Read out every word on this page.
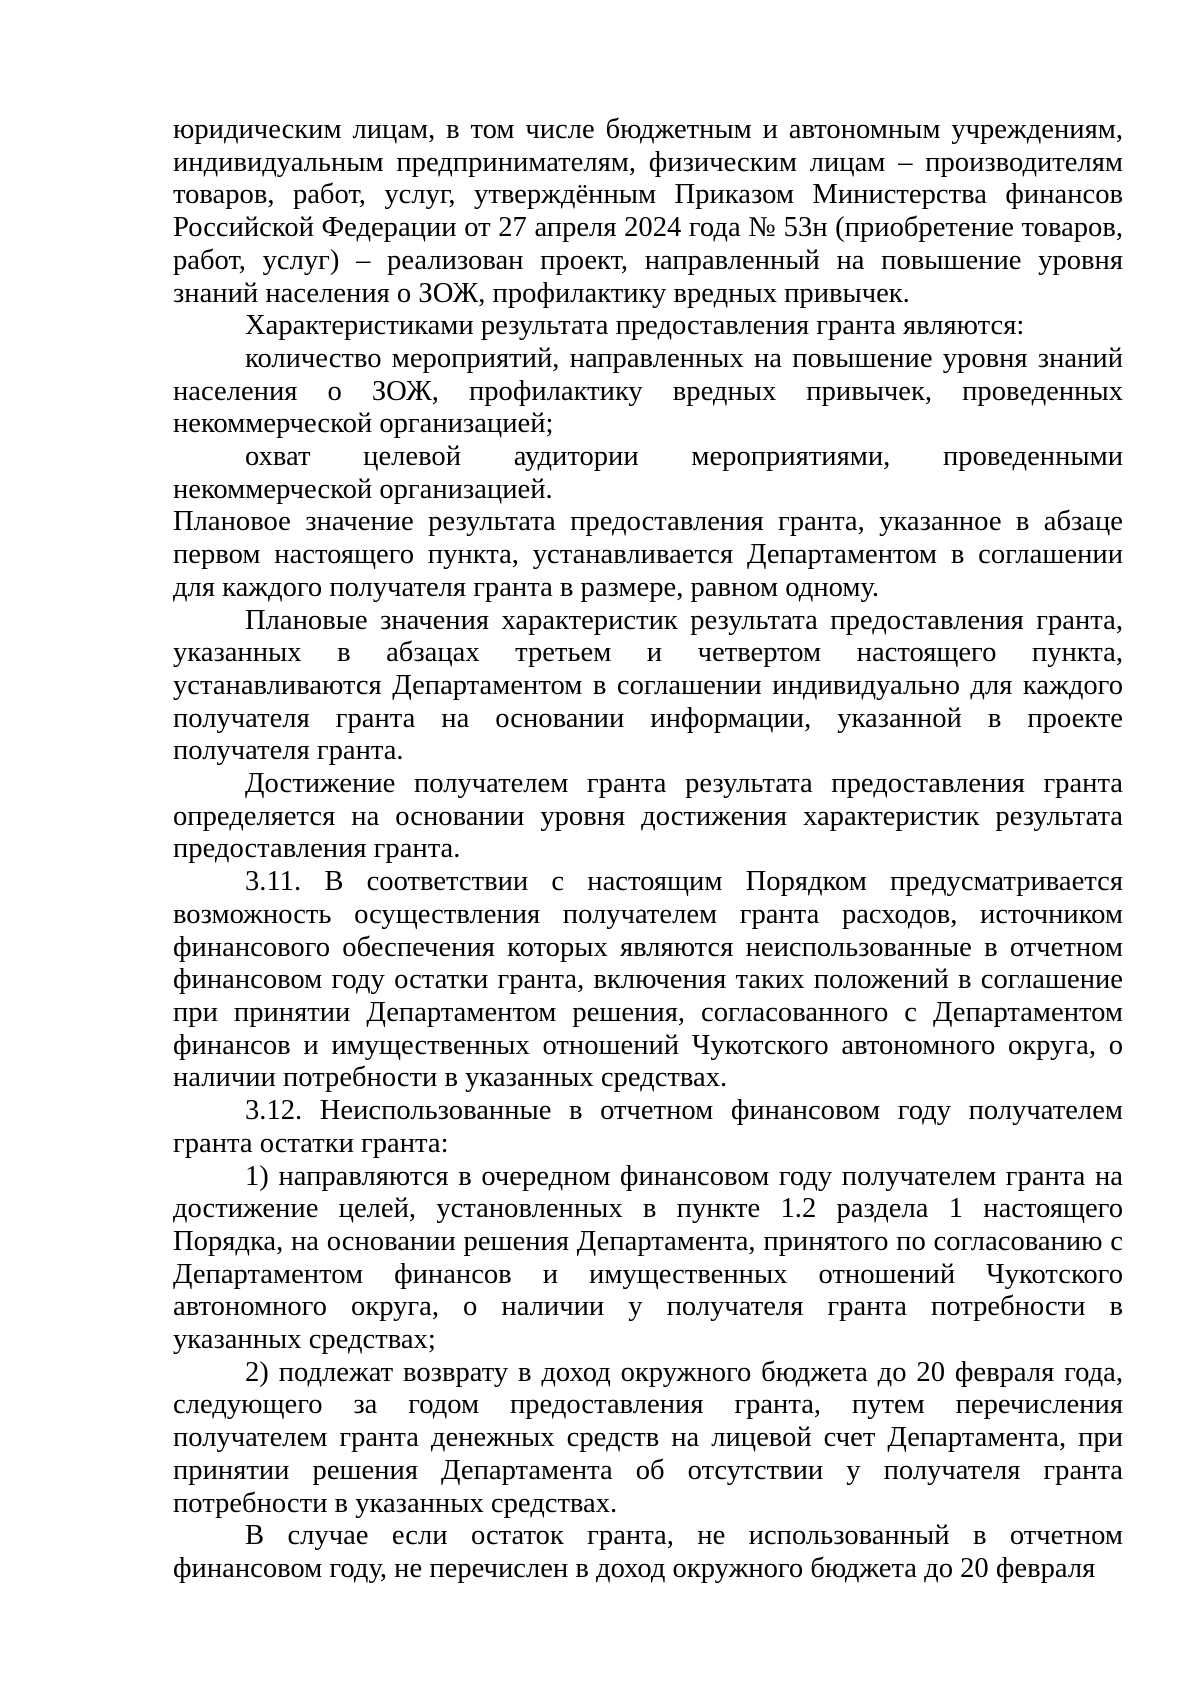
юридическим лицам, в том числе бюджетным и автономным учреждениям, индивидуальным предпринимателям, физическим лицам – производителям товаров, работ, услуг, утверждённым Приказом Министерства финансов Российской Федерации от 27 апреля 2024 года № 53н (приобретение товаров, работ, услуг) – реализован проект, направленный на повышение уровня знаний населения о ЗОЖ, профилактику вредных привычек.

Характеристиками результата предоставления гранта являются:

количество мероприятий, направленных на повышение уровня знаний населения о ЗОЖ, профилактику вредных привычек, проведенных некоммерческой организацией;

охват целевой аудитории мероприятиями, проведенными некоммерческой организацией.

Плановое значение результата предоставления гранта, указанное в абзаце первом настоящего пункта, устанавливается Департаментом в соглашении для каждого получателя гранта в размере, равном одному.

Плановые значения характеристик результата предоставления гранта, указанных в абзацах третьем и четвертом настоящего пункта, устанавливаются Департаментом в соглашении индивидуально для каждого получателя гранта на основании информации, указанной в проекте получателя гранта.

Достижение получателем гранта результата предоставления гранта определяется на основании уровня достижения характеристик результата предоставления гранта.

3.11. В соответствии с настоящим Порядком предусматривается возможность осуществления получателем гранта расходов, источником финансового обеспечения которых являются неиспользованные в отчетном финансовом году остатки гранта, включения таких положений в соглашение при принятии Департаментом решения, согласованного с Департаментом финансов и имущественных отношений Чукотского автономного округа, о наличии потребности в указанных средствах.

3.12. Неиспользованные в отчетном финансовом году получателем гранта остатки гранта:

1) направляются в очередном финансовом году получателем гранта на достижение целей, установленных в пункте 1.2 раздела 1 настоящего Порядка, на основании решения Департамента, принятого по согласованию с Департаментом финансов и имущественных отношений Чукотского автономного округа, о наличии у получателя гранта потребности в указанных средствах;

2) подлежат возврату в доход окружного бюджета до 20 февраля года, следующего за годом предоставления гранта, путем перечисления получателем гранта денежных средств на лицевой счет Департамента, при принятии решения Департамента об отсутствии у получателя гранта потребности в указанных средствах.

В случае если остаток гранта, не использованный в отчетном финансовом году, не перечислен в доход окружного бюджета до 20 февраля
